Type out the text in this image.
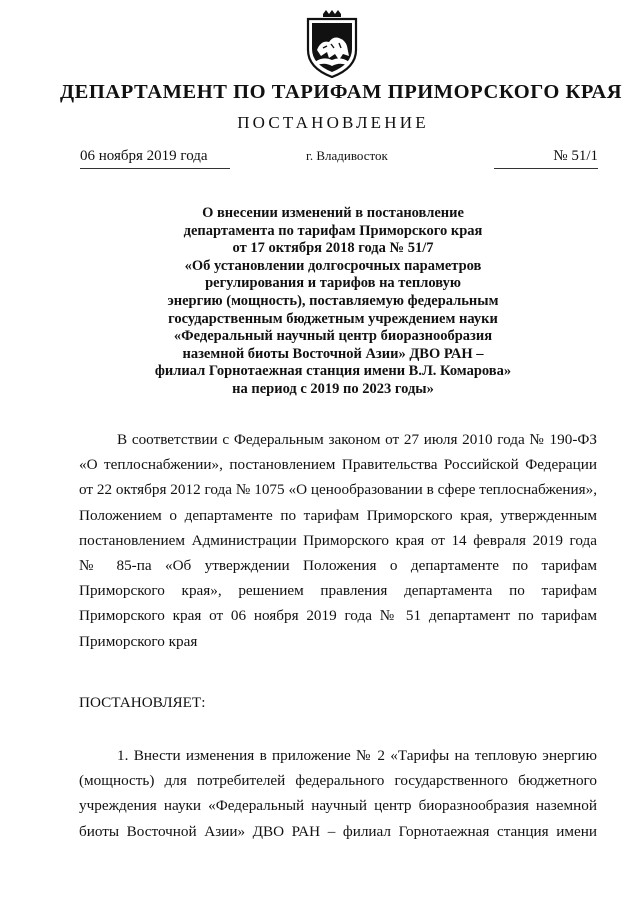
ДЕПАРТАМЕНТ ПО ТАРИФАМ ПРИМОРСКОГО КРАЯ
ПОСТАНОВЛЕНИЕ
06 ноября 2019 года	г. Владивосток	№ 51/1
О внесении изменений в постановление
департамента по тарифам Приморского края
от 17 октября 2018 года № 51/7
«Об установлении долгосрочных параметров
регулирования и тарифов на тепловую
энергию (мощность), поставляемую федеральным
государственным бюджетным учреждением науки
«Федеральный научный центр биоразнообразия
наземной биоты Восточной Азии» ДВО РАН –
филиал Горнотаежная станция имени В.Л. Комарова»
на период с 2019 по 2023 годы»
В соответствии с Федеральным законом от 27 июля 2010 года № 190-ФЗ
«О теплоснабжении», постановлением Правительства Российской Федерации
от 22 октября 2012 года № 1075 «О ценообразовании в сфере теплоснабжения»,
Положением о департаменте по тарифам Приморского края, утвержденным
постановлением Администрации Приморского края от 14 февраля 2019 года
№ 85-па «Об утверждении Положения о департаменте по тарифам
Приморского края», решением правления департамента по тарифам
Приморского края от 06 ноября 2019 года № 51 департамент по тарифам
Приморского края
ПОСТАНОВЛЯЕТ:
1. Внести изменения в приложение № 2 «Тарифы на тепловую энергию
(мощность) для потребителей федерального государственного бюджетного
учреждения науки «Федеральный научный центр биоразнообразия наземной
биоты Восточной Азии» ДВО РАН – филиал Горнотаежная станция имени
